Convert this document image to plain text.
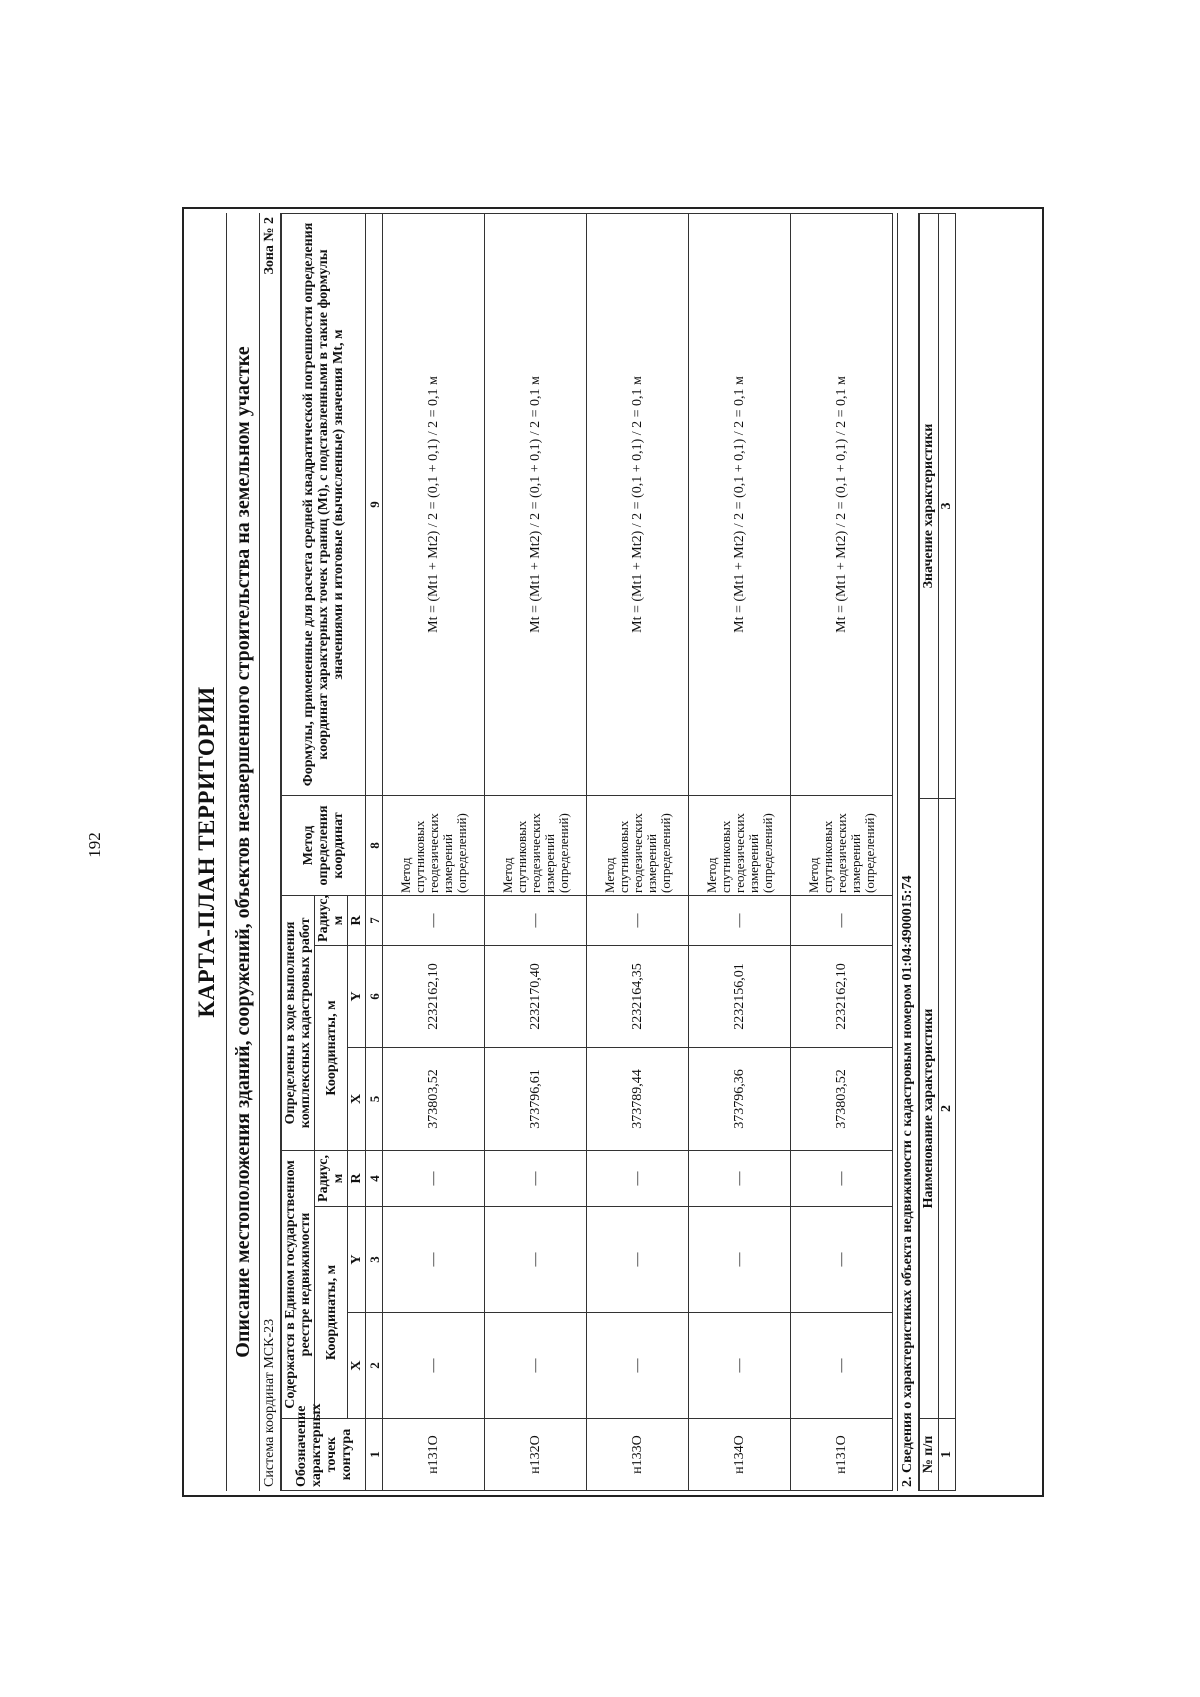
192	КАРТА-ПЛАН ТЕРРИТОРИИ Описание местоположения зданий, сооружений, объектов незавершенного строительства на земельном участке
Система координат МСК-23
Зона № 2
Обозначение характерных точек контура	Содержатся в Едином государственном реестре недвижимости			Определены в ходе выполнения комплексных кадастровых работ			Метод определения координат	Формулы, примененные для расчета средней квадратической погрешности определения координат характерных точек границ (Mt), с подставленными в такие формулы значениями и итоговые (вычисленные) значения Mt, м
	Координаты, м		Радиус, м	Координаты, м		Радиус, м		
	X	Y	R	X	Y	R		
1	2	3	4	5	6	7	8	9
н131О	—	—	—	373803,52	2232162,10	—	Метод спутниковых геодезических измерений (определений)	Mt = (Mt1 + Mt2) / 2 = (0,1 + 0,1) / 2 = 0,1 м
н132О	—	—	—	373796,61	2232170,40	—	Метод спутниковых геодезических измерений (определений)	Mt = (Mt1 + Mt2) / 2 = (0,1 + 0,1) / 2 = 0,1 м
н133О	—	—	—	373789,44	2232164,35	—	Метод спутниковых геодезических измерений (определений)	Mt = (Mt1 + Mt2) / 2 = (0,1 + 0,1) / 2 = 0,1 м
н134О	—	—	—	373796,36	2232156,01	—	Метод спутниковых геодезических измерений (определений)	Mt = (Mt1 + Mt2) / 2 = (0,1 + 0,1) / 2 = 0,1 м
н131О	—	—	—	373803,52	2232162,10	—	Метод спутниковых геодезических измерений (определений)	Mt = (Mt1 + Mt2) / 2 = (0,1 + 0,1) / 2 = 0,1 м
2. Сведения о характеристиках объекта недвижимости с кадастровым номером 01:04:4900015:74 № п/п	Наименование характеристики	Значение характеристики
1	2	3
